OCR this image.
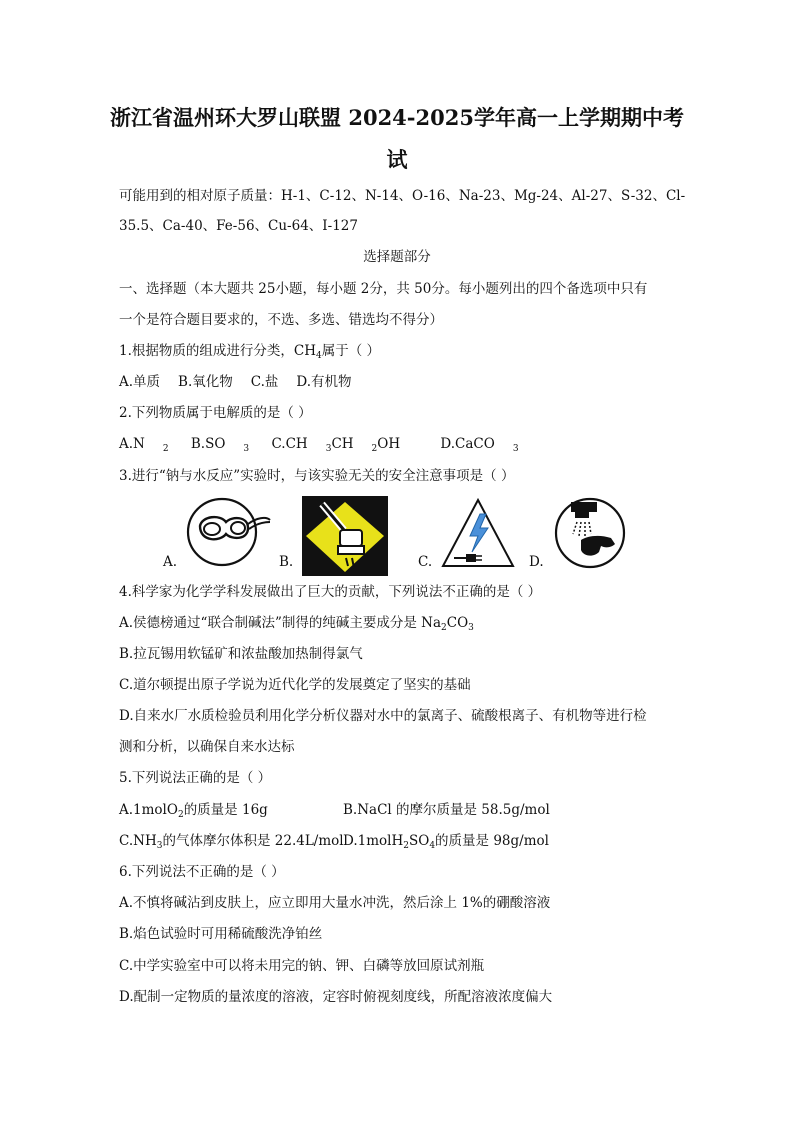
浙江省温州环大罗山联盟 2024-2025学年高一上学期期中考
试
可能用到的相对原子质量：H-1、C-12、N-14、O-16、Na-23、Mg-24、Al-27、S-32、Cl-
35.5、Ca-40、Fe-56、Cu-64、I-127
选择题部分
一、选择题（本大题共 25小题，每小题 2分，共 50分。每小题列出的四个备选项中只有
一个是符合题目要求的，不选、多选、错选均不得分）
1.根据物质的组成进行分类，$CH_4$属于（ ）
A.单质 B.氧化物 C.盐 D.有机物
2.下列物质属于电解质的是（ ）
A.N $_2$ B.SO $_3$ C.CH $_3$CH $_2$OH	D.CaCO $_3$
3.进行“钠与水反应”实验时，与该实验无关的安全注意事项是（ ）
A.	B.	C.	D.
4.科学家为化学学科发展做出了巨大的贡献，下列说法不正确的是（ ）
A.侯德榜通过“联合制碱法”制得的纯碱主要成分是 $Na_2CO_3$
B.拉瓦锡用软锰矿和浓盐酸加热制得氯气
C.道尔顿提出原子学说为近代化学的发展奠定了坚实的基础
D.自来水厂水质检验员利用化学分析仪器对水中的氯离子、硫酸根离子、有机物等进行检
测和分析，以确保自来水达标
5.下列说法正确的是（ ）
A.1molO$_2$的质量是 16g	B.NaCl 的摩尔质量是 58.5g/mol
$C.NH_3$的气体摩尔体积是 22.4L/mol $D.1molH_2SO_4$的质量是 98g/mol
6.下列说法不正确的是（ ）
A.不慎将碱沾到皮肤上，应立即用大量水冲洗，然后涂上 1%的硼酸溶液
B.焰色试验时可用稀硫酸洗净铂丝
C.中学实验室中可以将未用完的钠、钾、白磷等放回原试剂瓶
D.配制一定物质的量浓度的溶液，定容时俯视刻度线，所配溶液浓度偏大
